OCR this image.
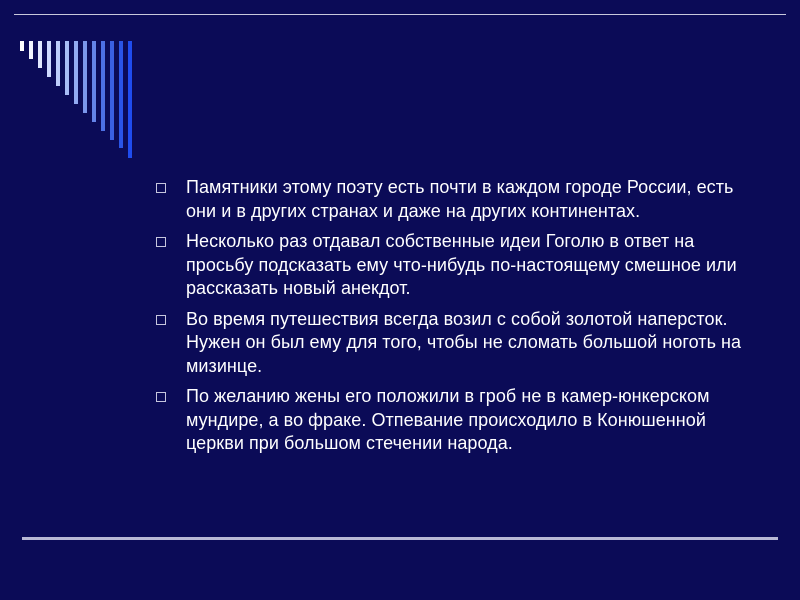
Памятники этому поэту есть почти в каждом городе России, есть они и в других странах и даже на других континентах.
Несколько раз отдавал собственные идеи Гоголю в ответ на просьбу подсказать ему что-нибудь по-настоящему смешное или рассказать новый анекдот.
Во время путешествия всегда возил с собой золотой наперсток. Нужен он был ему для того, чтобы не сломать большой ноготь на мизинце.
По желанию жены его положили в гроб не в камер-юнкерском мундире, а во фраке. Отпевание происходило в Конюшенной церкви при большом стечении народа.
